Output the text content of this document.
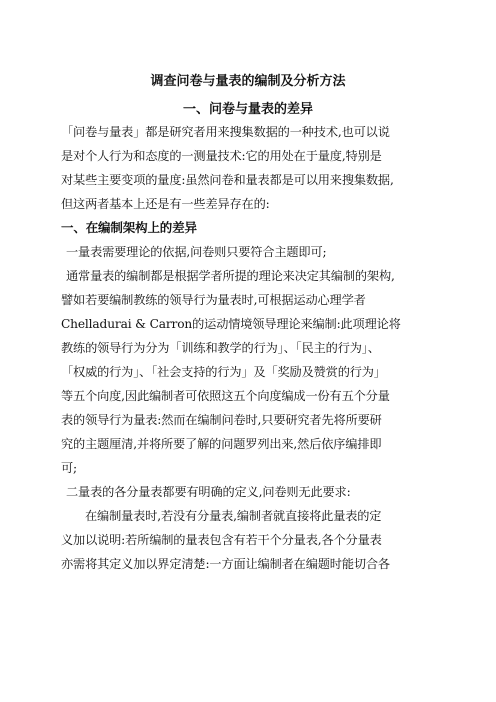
调查问卷与量表的编制及分析方法
一、问卷与量表的差异
「问卷与量表」都是研究者用来搜集数据的一种技术,也可以说
是对个人行为和态度的一测量技术:它的用处在于量度,特别是
对某些主要变项的量度:虽然问卷和量表都是可以用来搜集数据,
但这两者基本上还是有一些差异存在的:
一、在编制架构上的差异
一量表需要理论的依据,问卷则只要符合主题即可;
通常量表的编制都是根据学者所提的理论来决定其编制的架构,
譬如若要编制教练的领导行为量表时,可根据运动心理学者
Chelladurai & Carron的运动情境领导理论来编制:此项理论将
教练的领导行为分为「训练和教学的行为」、「民主的行为」、
「权威的行为」、「社会支持的行为」及「奖励及赞赏的行为」
等五个向度,因此编制者可依照这五个向度编成一份有五个分量
表的领导行为量表:然而在编制问卷时,只要研究者先将所要研
究的主题厘清,并将所要了解的问题罗列出来,然后依序编排即
可;
二量表的各分量表都要有明确的定义,问卷则无此要求:
在编制量表时,若没有分量表,编制者就直接将此量表的定
义加以说明:若所编制的量表包含有若干个分量表,各个分量表
亦需将其定义加以界定清楚:一方面让编制者在编题时能切合各
